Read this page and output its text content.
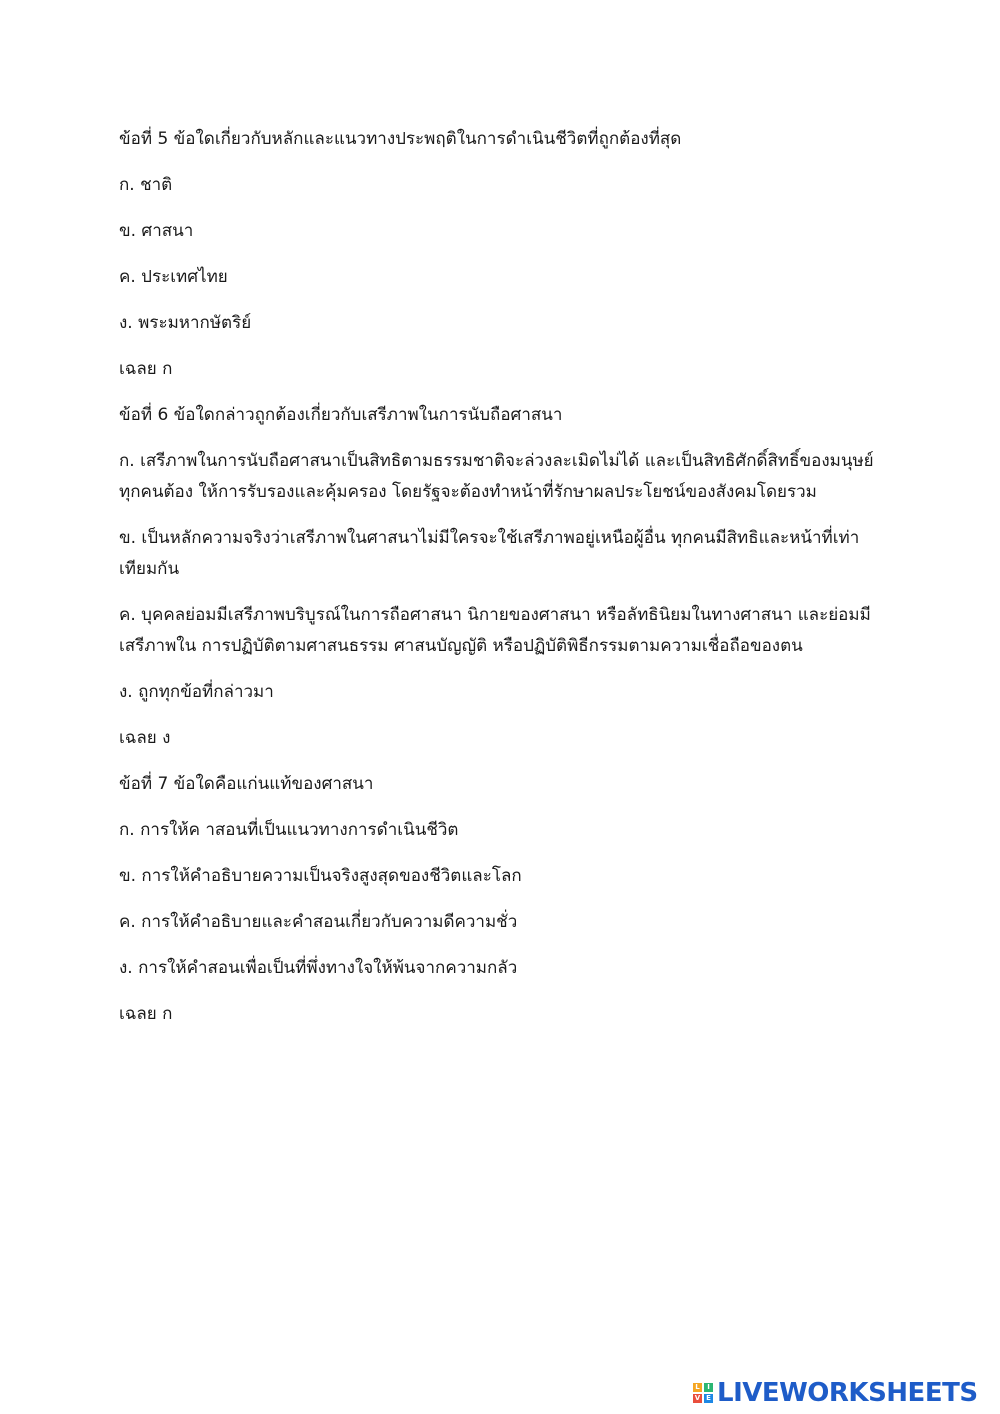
ข้อที่ 5 ข้อใดเกี่ยวกับหลักและแนวทางประพฤติในการดำเนินชีวิตที่ถูกต้องที่สุด

ก. ชาติ

ข. ศาสนา

ค. ประเทศไทย

ง. พระมหากษัตริย์

เฉลย ก

ข้อที่ 6 ข้อใดกล่าวถูกต้องเกี่ยวกับเสรีภาพในการนับถือศาสนา

ก. เสรีภาพในการนับถือศาสนาเป็นสิทธิตามธรรมชาติจะล่วงละเมิดไม่ได้ และเป็นสิทธิศักดิ์สิทธิ์ของมนุษย์ทุกคนต้อง ให้การรับรองและคุ้มครอง โดยรัฐจะต้องทำหน้าที่รักษาผลประโยชน์ของสังคมโดยรวม

ข. เป็นหลักความจริงว่าเสรีภาพในศาสนาไม่มีใครจะใช้เสรีภาพอยู่เหนือผู้อื่น ทุกคนมีสิทธิและหน้าที่เท่าเทียมกัน

ค. บุคคลย่อมมีเสรีภาพบริบูรณ์ในการถือศาสนา นิกายของศาสนา หรือลัทธินิยมในทางศาสนา และย่อมมีเสรีภาพใน การปฏิบัติตามศาสนธรรม ศาสนบัญญัติ หรือปฏิบัติพิธีกรรมตามความเชื่อถือของตน

ง. ถูกทุกข้อที่กล่าวมา

เฉลย ง

ข้อที่ 7 ข้อใดคือแก่นแท้ของศาสนา

ก. การให้ค าสอนที่เป็นแนวทางการดำเนินชีวิต

ข. การให้คำอธิบายความเป็นจริงสูงสุดของชีวิตและโลก

ค. การให้คำอธิบายและคำสอนเกี่ยวกับความดีความชั่ว

ง. การให้คำสอนเพื่อเป็นที่พึ่งทางใจให้พ้นจากความกลัว

เฉลย ก

L	I
V E LIVEWORKSHEETS
